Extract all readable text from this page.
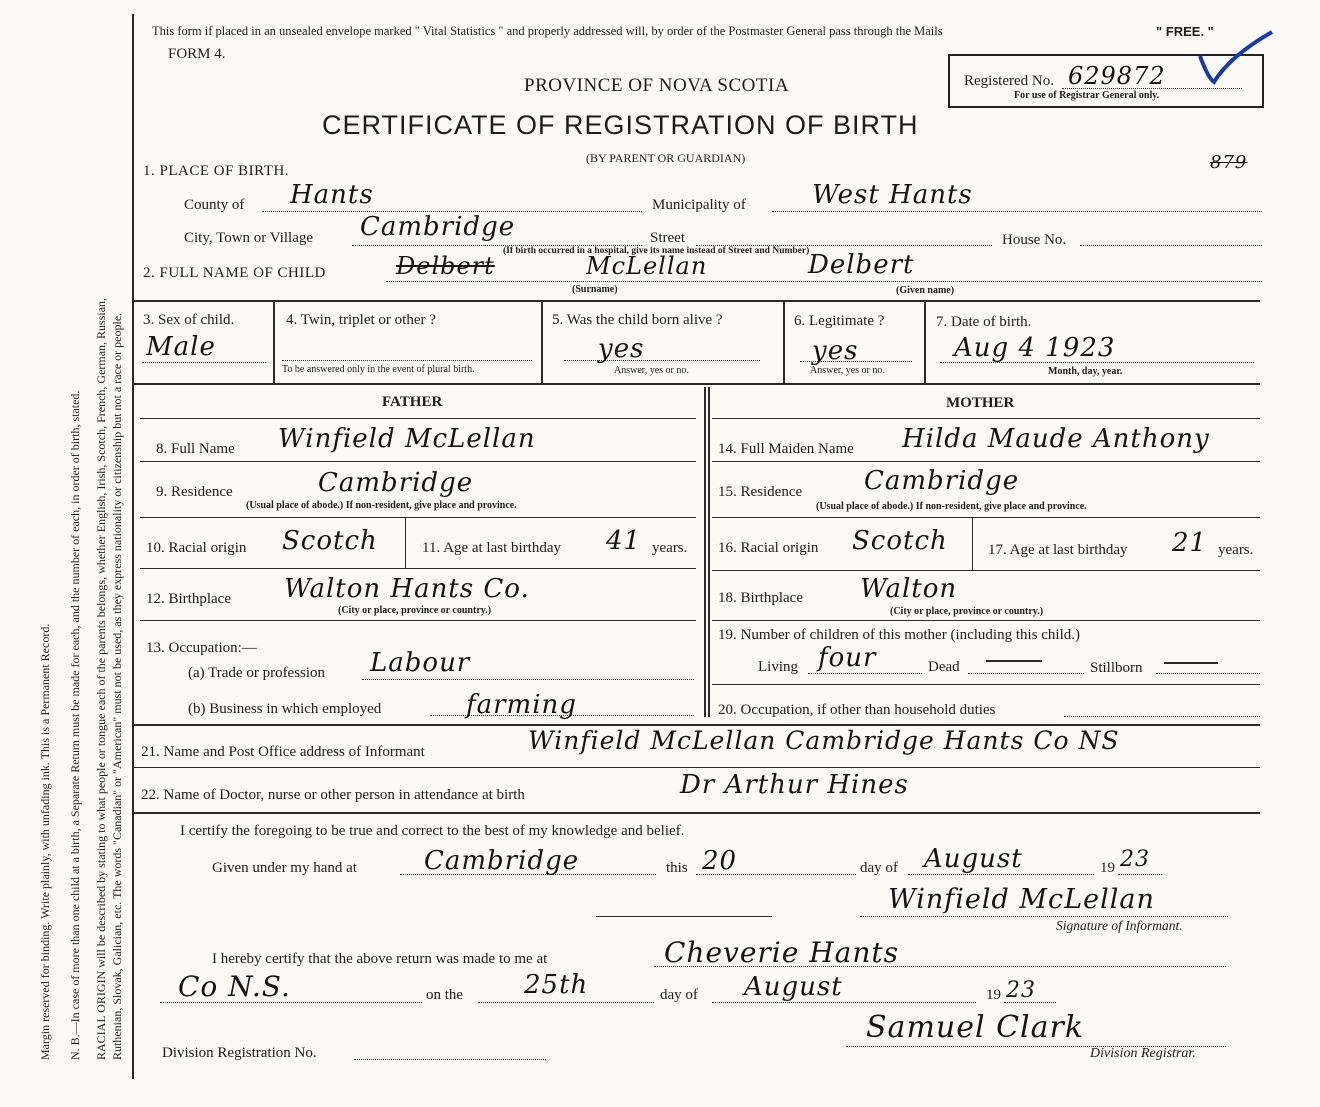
Margin reserved for binding. Write plainly, with unfading ink. This is a Permanent Record. N. B.—In case of more than one child at a birth, a Separate Return must be made for each, and the number of each, in order of birth, stated. RACIAL ORIGIN will be described by stating to what people or tongue each of the parents belongs, whether English, Irish, Scotch, French, German, Russian, Ruthenian, Slovak, Galician, etc. The words "Canadian" or "American" must not be used, as they express nationality or citizenship but not a race or people.
This form if placed in an unsealed envelope marked " Vital Statistics " and properly addressed will, by order of the Postmaster General pass through the Mails	" FREE. "
FORM 4.
PROVINCE OF NOVA SCOTIA
CERTIFICATE OF REGISTRATION OF BIRTH
(BY PARENT OR GUARDIAN)
Registered No. 629872
For use of Registrar General only.
879
1. PLACE OF BIRTH.
County of Hants	Municipality of	West Hants
City, Town or Village Cambridge	Street
(If birth occurred in a hospital, give its name instead of Street and Number)
House No.
2. FULL NAME OF CHILD	Delbert	McLellan	Delbert
(Surname)	(Given name)
3. Sex of child.
Male
4. Twin, triplet or other ?
To be answered only in the event of plural birth.
5. Was the child born alive ?
yes
Answer, yes or no.
6. Legitimate ?
yes
Answer, yes or no.
7. Date of birth.
Aug 4 1923
Month, day, year.
FATHER	MOTHER
8. Full Name Winfield McLellan
9. Residence	Cambridge
(Usual place of abode.) If non-resident, give place and province.
10. Racial origin Scotch	11. Age at last birthday 41 years.
12. Birthplace Walton Hants Co.
(City or place, province or country.)
13. Occupation:—
(a) Trade or profession Labour
(b) Business in which employed	farming
14. Full Maiden Name Hilda Maude Anthony
15. Residence Cambridge
(Usual place of abode.) If non-resident, give place and province.
16. Racial origin Scotch	17. Age at last birthday 21 years.
18. Birthplace Walton
(City or place, province or country.)
19. Number of children of this mother (including this child.)
Living four	Dead	Stillborn
20. Occupation, if other than household duties
21. Name and Post Office address of Informant	Winfield McLellan Cambridge Hants Co NS
22. Name of Doctor, nurse or other person in attendance at birth	Dr Arthur Hines
I certify the foregoing to be true and correct to the best of my knowledge and belief.
Given under my hand at	Cambridge	this 20	day of August	19 23
Winfield McLellan
Signature of Informant.
I hereby certify that the above return was made to me at	Cheverie Hants
Co N.S.	on the 25th	day of August	19 23
Samuel Clark
Division Registrar.
Division Registration No.
